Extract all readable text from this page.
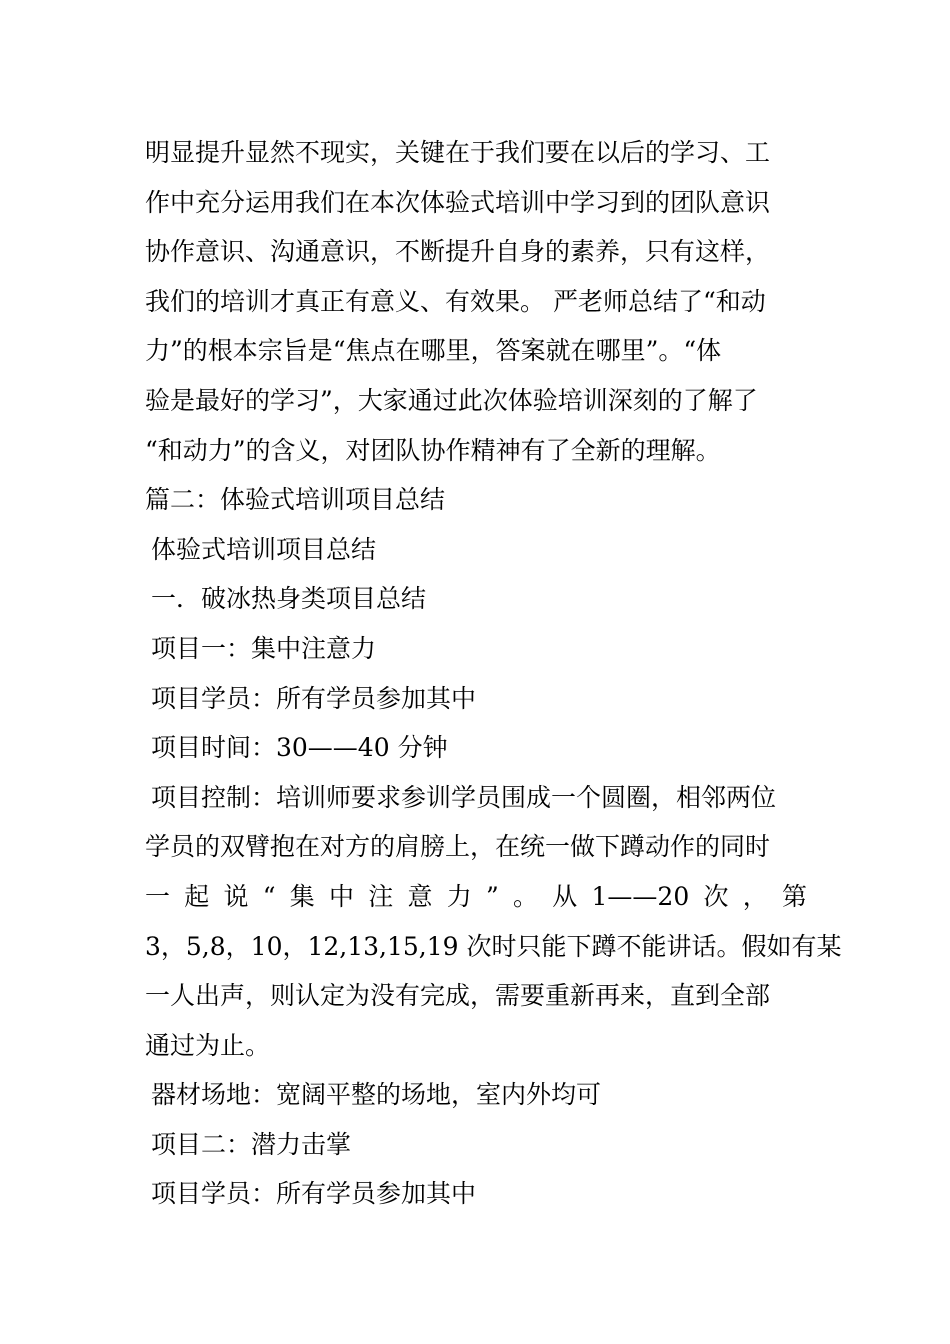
明显提升显然不现实，关键在于我们要在以后的学习、工
作中充分运用我们在本次体验式培训中学习到的团队意识
协作意识、沟通意识，不断提升自身的素养，只有这样，
我们的培训才真正有意义、有效果。 严老师总结了“和动
力”的根本宗旨是“焦点在哪里，答案就在哪里”。“体
验是最好的学习”，大家通过此次体验培训深刻的了解了
“和动力”的含义，对团队协作精神有了全新的理解。
篇二：体验式培训项目总结
体验式培训项目总结
一．破冰热身类项目总结
项目一：集中注意力
项目学员：所有学员参加其中
项目时间：30——40 分钟
项目控制：培训师要求参训学员围成一个圆圈，相邻两位
学员的双臂抱在对方的肩膀上，在统一做下蹲动作的同时
一 起 说 “ 集 中 注 意 力 ” 。 从 1——20 次 ， 第
3，5,8，10，12,13,15,19 次时只能下蹲不能讲话。假如有某
一人出声，则认定为没有完成，需要重新再来，直到全部
通过为止。
器材场地：宽阔平整的场地，室内外均可
项目二：潜力击掌
项目学员：所有学员参加其中
